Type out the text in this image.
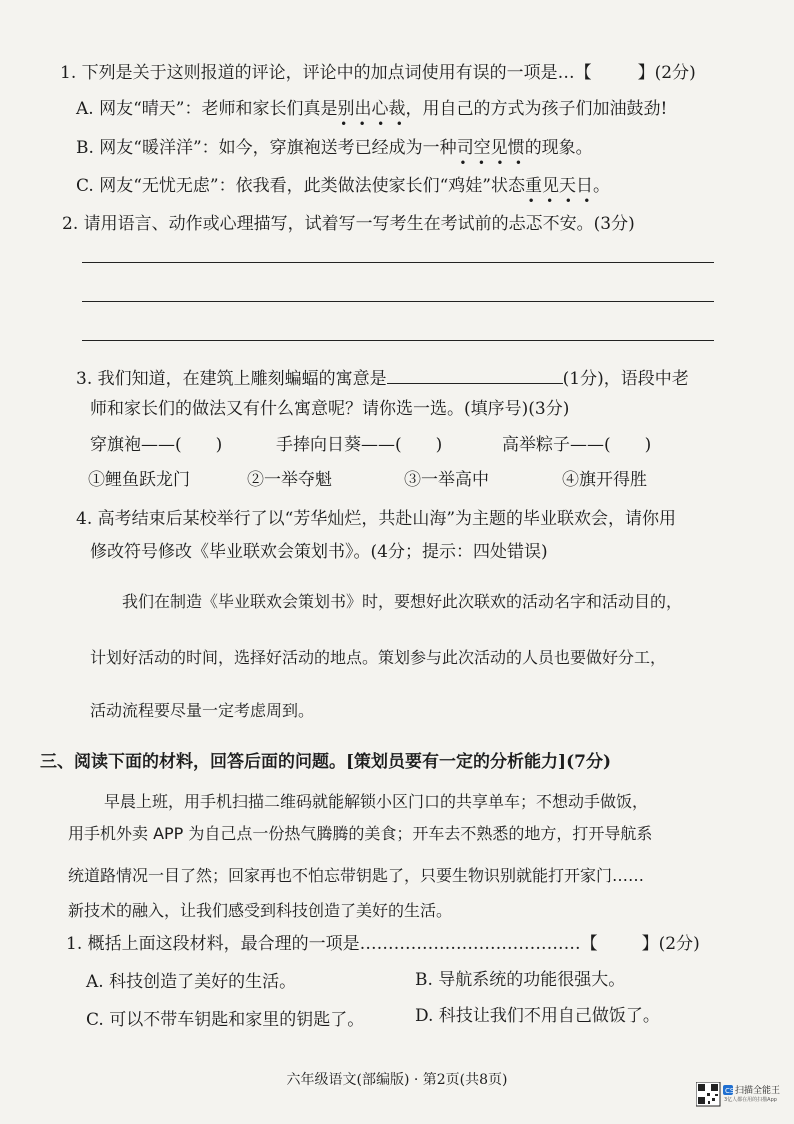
1. 下列是关于这则报道的评论，评论中的加点词使用有误的一项是…【	】(2分)
A. 网友“晴天”：老师和家长们真是别出心裁
•   •   •   •
，用自己的方式为孩子们加油鼓劲!
B. 网友“暖洋洋”：如今，穿旗袍送考已经成为一种司空见惯
•   •   •   •
的现象。
C. 网友“无忧无虑”：依我看，此类做法使家长们“鸡娃”状态重见天日
•   •   •   •
。
2. 请用语言、动作或心理描写，试着写一写考生在考试前的忐忑不安。(3分)
3. 我们知道，在建筑上雕刻蝙蝠的寓意是	(1分)，语段中老
师和家长们的做法又有什么寓意呢？请你选一选。(填序号)(3分)
穿旗袍——(　　)	手捧向日葵——(　　)	高举粽子——(　　)
①鲤鱼跃龙门	②一举夺魁	③一举高中	④旗开得胜
4. 高考结束后某校举行了以“芳华灿烂，共赴山海”为主题的毕业联欢会，请你用
修改符号修改《毕业联欢会策划书》。(4分；提示：四处错误)
我们在制造《毕业联欢会策划书》时，要想好此次联欢的活动名字和活动目的，
计划好活动的时间，选择好活动的地点。策划参与此次活动的人员也要做好分工，
活动流程要尽量一定考虑周到。
三、阅读下面的材料，回答后面的问题。[策划员要有一定的分析能力](7分)
早晨上班，用手机扫描二维码就能解锁小区门口的共享单车；不想动手做饭，
用手机外卖 APP 为自己点一份热气腾腾的美食；开车去不熟悉的地方，打开导航系
统道路情况一目了然；回家再也不怕忘带钥匙了，只要生物识别就能打开家门……
新技术的融入，让我们感受到科技创造了美好的生活。
1. 概括上面这段材料，最合理的一项是…………………………………【	】(2分)
A. 科技创造了美好的生活。	B. 导航系统的功能很强大。
C. 可以不带车钥匙和家里的钥匙了。	D. 科技让我们不用自己做饭了。
六年级语文(部编版) · 第2页(共8页)
CS 扫描全能王
3亿人都在用的扫描App
